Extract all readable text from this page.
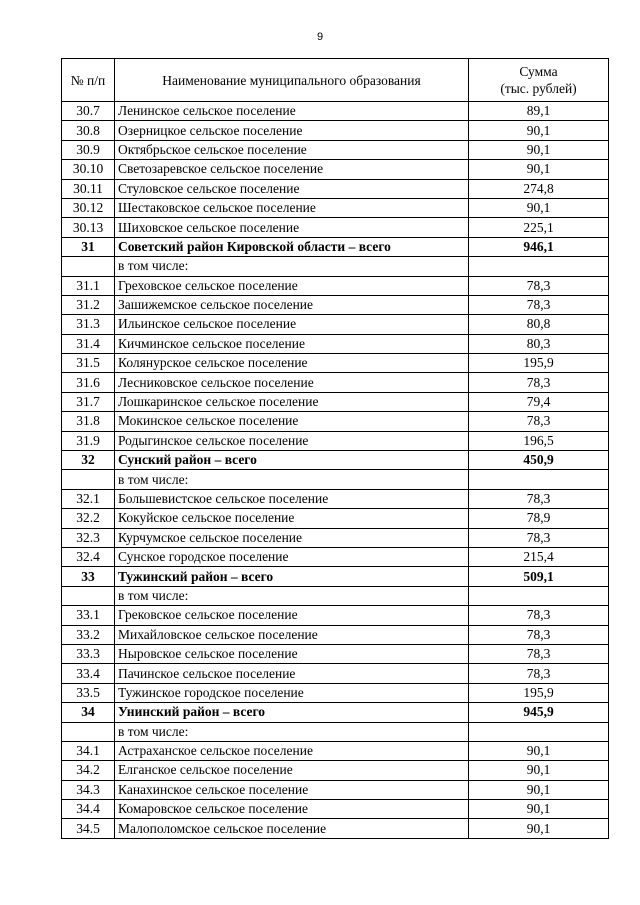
9
№ п/п	Наименование муниципального образования	Сумма
(тыс. рублей)

30.7	Ленинское сельское поселение	89,1
30.8	Озерницкое сельское поселение	90,1
30.9	Октябрьское сельское поселение	90,1
30.10	Светозаревское сельское поселение	90,1
30.11	Стуловское сельское поселение	274,8
30.12	Шестаковское сельское поселение	90,1
30.13	Шиховское сельское поселение	225,1
31	Советский район Кировской области – всего	946,1
	в том числе:	
31.1	Греховское сельское поселение	78,3
31.2	Зашижемское сельское поселение	78,3
31.3	Ильинское сельское поселение	80,8
31.4	Кичминское сельское поселение	80,3
31.5	Колянурское сельское поселение	195,9
31.6	Лесниковское сельское поселение	78,3
31.7	Лошкаринское сельское поселение	79,4
31.8	Мокинское сельское поселение	78,3
31.9	Родыгинское сельское поселение	196,5
32	Сунский район – всего	450,9
	в том числе:	
32.1	Большевистское сельское поселение	78,3
32.2	Кокуйское сельское поселение	78,9
32.3	Курчумское сельское поселение	78,3
32.4	Сунское городское поселение	215,4
33	Тужинский район – всего	509,1
	в том числе:	
33.1	Грековское сельское поселение	78,3
33.2	Михайловское сельское поселение	78,3
33.3	Ныровское сельское поселение	78,3
33.4	Пачинское сельское поселение	78,3
33.5	Тужинское городское поселение	195,9
34	Унинский район – всего	945,9
	в том числе:	
34.1	Астраханское сельское поселение	90,1
34.2	Елганское сельское поселение	90,1
34.3	Канахинское сельское поселение	90,1
34.4	Комаровское сельское поселение	90,1
34.5	Малополомское сельское поселение	90,1
